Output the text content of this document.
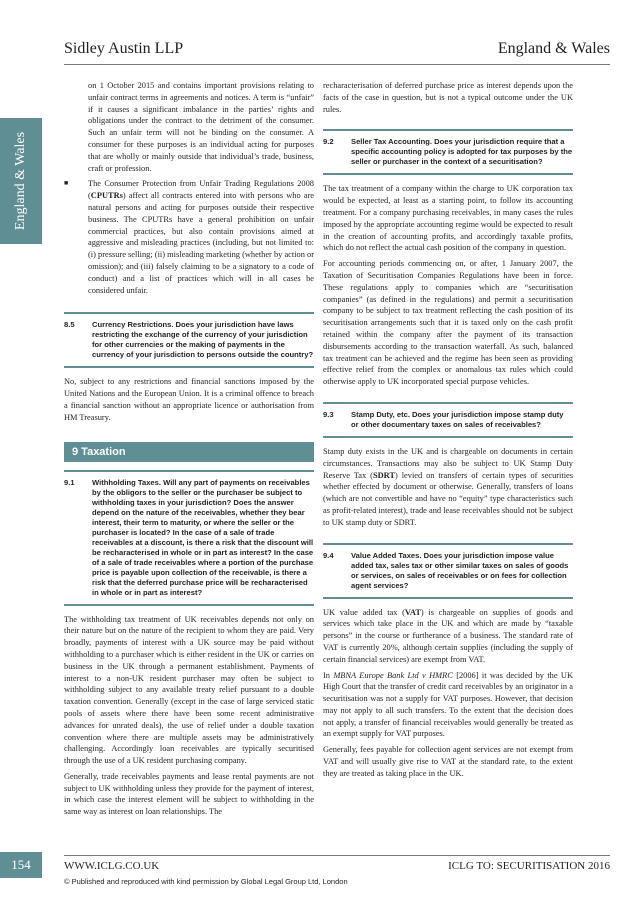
Sidley Austin LLP	England & Wales
England & Wales

on 1 October 2015 and contains important provisions relating to unfair contract terms in agreements and notices. A term is “unfair” if it causes a significant imbalance in the parties’ rights and obligations under the contract to the detriment of the consumer. Such an unfair term will not be binding on the consumer. A consumer for these purposes is an individual acting for purposes that are wholly or mainly outside that individual’s trade, business, craft or profession.

■ The Consumer Protection from Unfair Trading Regulations 2008 (CPUTRs) affect all contracts entered into with persons who are natural persons and acting for purposes outside their respective business. The CPUTRs have a general prohibition on unfair commercial practices, but also contain provisions aimed at aggressive and misleading practices (including, but not limited to: (i) pressure selling; (ii) misleading marketing (whether by action or omission); and (iii) falsely claiming to be a signatory to a code of conduct) and a list of practices which will in all cases be considered unfair.

8.5	Currency Restrictions. Does your jurisdiction have laws restricting the exchange of the currency of your jurisdiction for other currencies or the making of payments in the currency of your jurisdiction to persons outside the country?

No, subject to any restrictions and financial sanctions imposed by the United Nations and the European Union. It is a criminal offence to breach a financial sanction without an appropriate licence or authorisation from HM Treasury.

9 Taxation
9.1	Withholding Taxes. Will any part of payments on receivables by the obligors to the seller or the purchaser be subject to withholding taxes in your jurisdiction? Does the answer depend on the nature of the receivables, whether they bear interest, their term to maturity, or where the seller or the purchaser is located? In the case of a sale of trade receivables at a discount, is there a risk that the discount will be recharacterised in whole or in part as interest? In the case of a sale of trade receivables where a portion of the purchase price is payable upon collection of the receivable, is there a risk that the deferred purchase price will be recharacterised in whole or in part as interest?

The withholding tax treatment of UK receivables depends not only on their nature but on the nature of the recipient to whom they are paid. Very broadly, payments of interest with a UK source may be paid without withholding to a purchaser which is either resident in the UK or carries on business in the UK through a permanent establishment. Payments of interest to a non-UK resident purchaser may often be subject to withholding subject to any available treaty relief pursuant to a double taxation convention. Generally (except in the case of large serviced static pools of assets where there have been some recent administrative advances for unrated deals), the use of relief under a double taxation convention where there are multiple assets may be administratively challenging. Accordingly loan receivables are typically securitised through the use of a UK resident purchasing company.

Generally, trade receivables payments and lease rental payments are not subject to UK withholding unless they provide for the payment of interest, in which case the interest element will be subject to withholding in the same way as interest on loan relationships. The

recharacterisation of deferred purchase price as interest depends upon the facts of the case in question, but is not a typical outcome under the UK rules.

9.2	Seller Tax Accounting. Does your jurisdiction require that a specific accounting policy is adopted for tax purposes by the seller or purchaser in the context of a securitisation?

The tax treatment of a company within the charge to UK corporation tax would be expected, at least as a starting point, to follow its accounting treatment. For a company purchasing receivables, in many cases the rules imposed by the appropriate accounting regime would be expected to result in the creation of accounting profits, and accordingly taxable profits, which do not reflect the actual cash position of the company in question.

For accounting periods commencing on, or after, 1 January 2007, the Taxation of Securitisation Companies Regulations have been in force. These regulations apply to companies which are “securitisation companies” (as defined in the regulations) and permit a securitisation company to be subject to tax treatment reflecting the cash position of its securitisation arrangements such that it is taxed only on the cash profit retained within the company after the payment of its transaction disbursements according to the transaction waterfall. As such, balanced tax treatment can be achieved and the regime has been seen as providing effective relief from the complex or anomalous tax rules which could otherwise apply to UK incorporated special purpose vehicles.

9.3	Stamp Duty, etc. Does your jurisdiction impose stamp duty or other documentary taxes on sales of receivables?

Stamp duty exists in the UK and is chargeable on documents in certain circumstances. Transactions may also be subject to UK Stamp Duty Reserve Tax (SDRT) levied on transfers of certain types of securities whether effected by document or otherwise. Generally, transfers of loans (which are not convertible and have no “equity” type characteristics such as profit-related interest), trade and lease receivables should not be subject to UK stamp duty or SDRT.

9.4	Value Added Taxes. Does your jurisdiction impose value added tax, sales tax or other similar taxes on sales of goods or services, on sales of receivables or on fees for collection agent services?

UK value added tax (VAT) is chargeable on supplies of goods and services which take place in the UK and which are made by “taxable persons” in the course or furtherance of a business. The standard rate of VAT is currently 20%, although certain supplies (including the supply of certain financial services) are exempt from VAT.

In MBNA Europe Bank Ltd v HMRC [2006] it was decided by the UK High Court that the transfer of credit card receivables by an originator in a securitisation was not a supply for VAT purposes. However, that decision may not apply to all such transfers. To the extent that the decision does not apply, a transfer of financial receivables would generally be treated as an exempt supply for VAT purposes.

Generally, fees payable for collection agent services are not exempt from VAT and will usually give rise to VAT at the standard rate, to the extent they are treated as taking place in the UK.

154	WWW.ICLG.CO.UK	ICLG TO: SECURITISATION 2016
© Published and reproduced with kind permission by Global Legal Group Ltd, London
